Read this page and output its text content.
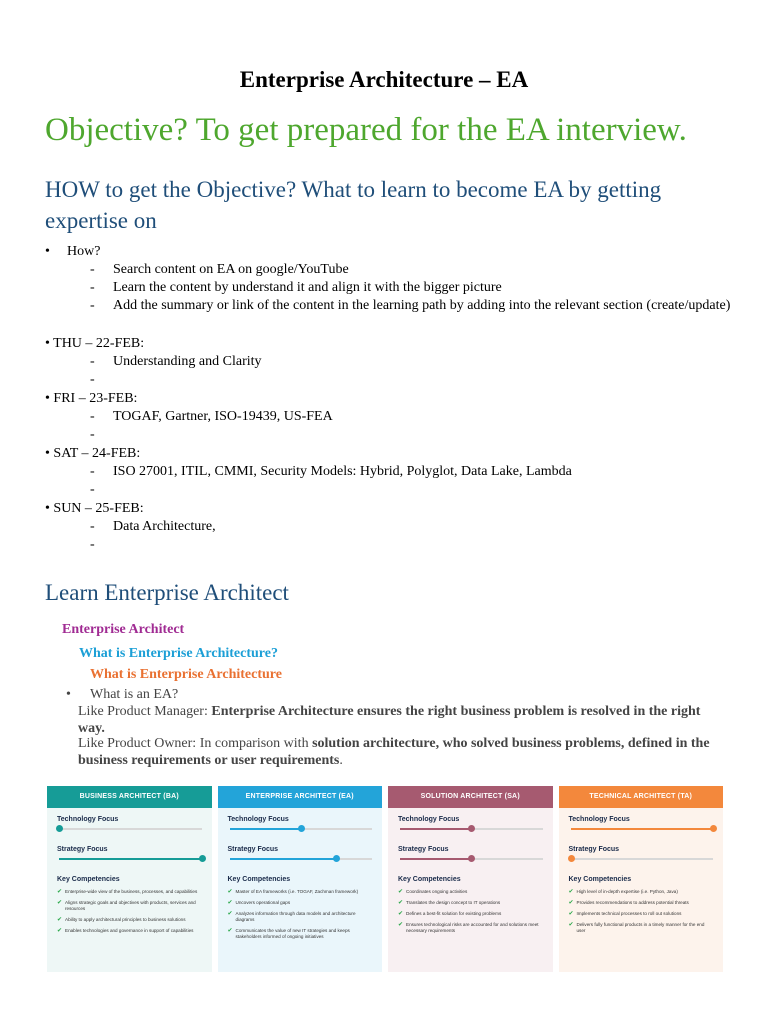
Enterprise Architecture – EA
Objective? To get prepared for the EA interview.
HOW to get the Objective? What to learn to become EA by getting expertise on
• How?
- Search content on EA on google/YouTube
- Learn the content by understand it and align it with the bigger picture
- Add the summary or link of the content in the learning path by adding into the relevant section (create/update)
• THU – 22-FEB:
- Understanding and Clarity
-
• FRI – 23-FEB:
- TOGAF, Gartner, ISO-19439, US-FEA
-
• SAT – 24-FEB:
- ISO 27001, ITIL, CMMI, Security Models: Hybrid, Polyglot, Data Lake, Lambda
-
• SUN – 25-FEB:
- Data Architecture,
-
Learn Enterprise Architect
Enterprise Architect
What is Enterprise Architecture?
What is Enterprise Architecture
• What is an EA?
Like Product Manager: Enterprise Architecture ensures the right business problem is resolved in the right way.
Like Product Owner: In comparison with solution architecture, who solved business problems, defined in the business requirements or user requirements.
BUSINESS ARCHITECT (BA)
Technology Focus
Strategy Focus
Key Competencies
✔ Enterprise-wide view of the business, processes, and capabilities
✔ Aligns strategic goals and objectives with products, services and resources
✔ Ability to apply architectural principles to business solutions
✔ Enables technologies and governance in support of capabilities
ENTERPRISE ARCHITECT (EA)
Technology Focus
Strategy Focus
Key Competencies
✔ Master of EA frameworks (i.e. TOGAF, Zachman framework)
✔ Uncovers operational gaps
✔ Analyzes information through data models and architecture diagrams
✔ Communicates the value of new IT strategies and keeps stakeholders informed of ongoing initiatives
SOLUTION ARCHITECT (SA)
Technology Focus
Strategy Focus
Key Competencies
✔ Coordinates ongoing activities
✔ Translates the design concept to IT operations
✔ Defines a best-fit solution for existing problems
✔ Ensures technological risks are accounted for and solutions meet necessary requirements
TECHNICAL ARCHITECT (TA)
Technology Focus
Strategy Focus
Key Competencies
✔ High level of in-depth expertise (i.e. Python, Java)
✔ Provides recommendations to address potential threats
✔ Implements technical processes to roll out solutions
✔ Delivers fully functional products in a timely manner for the end user
